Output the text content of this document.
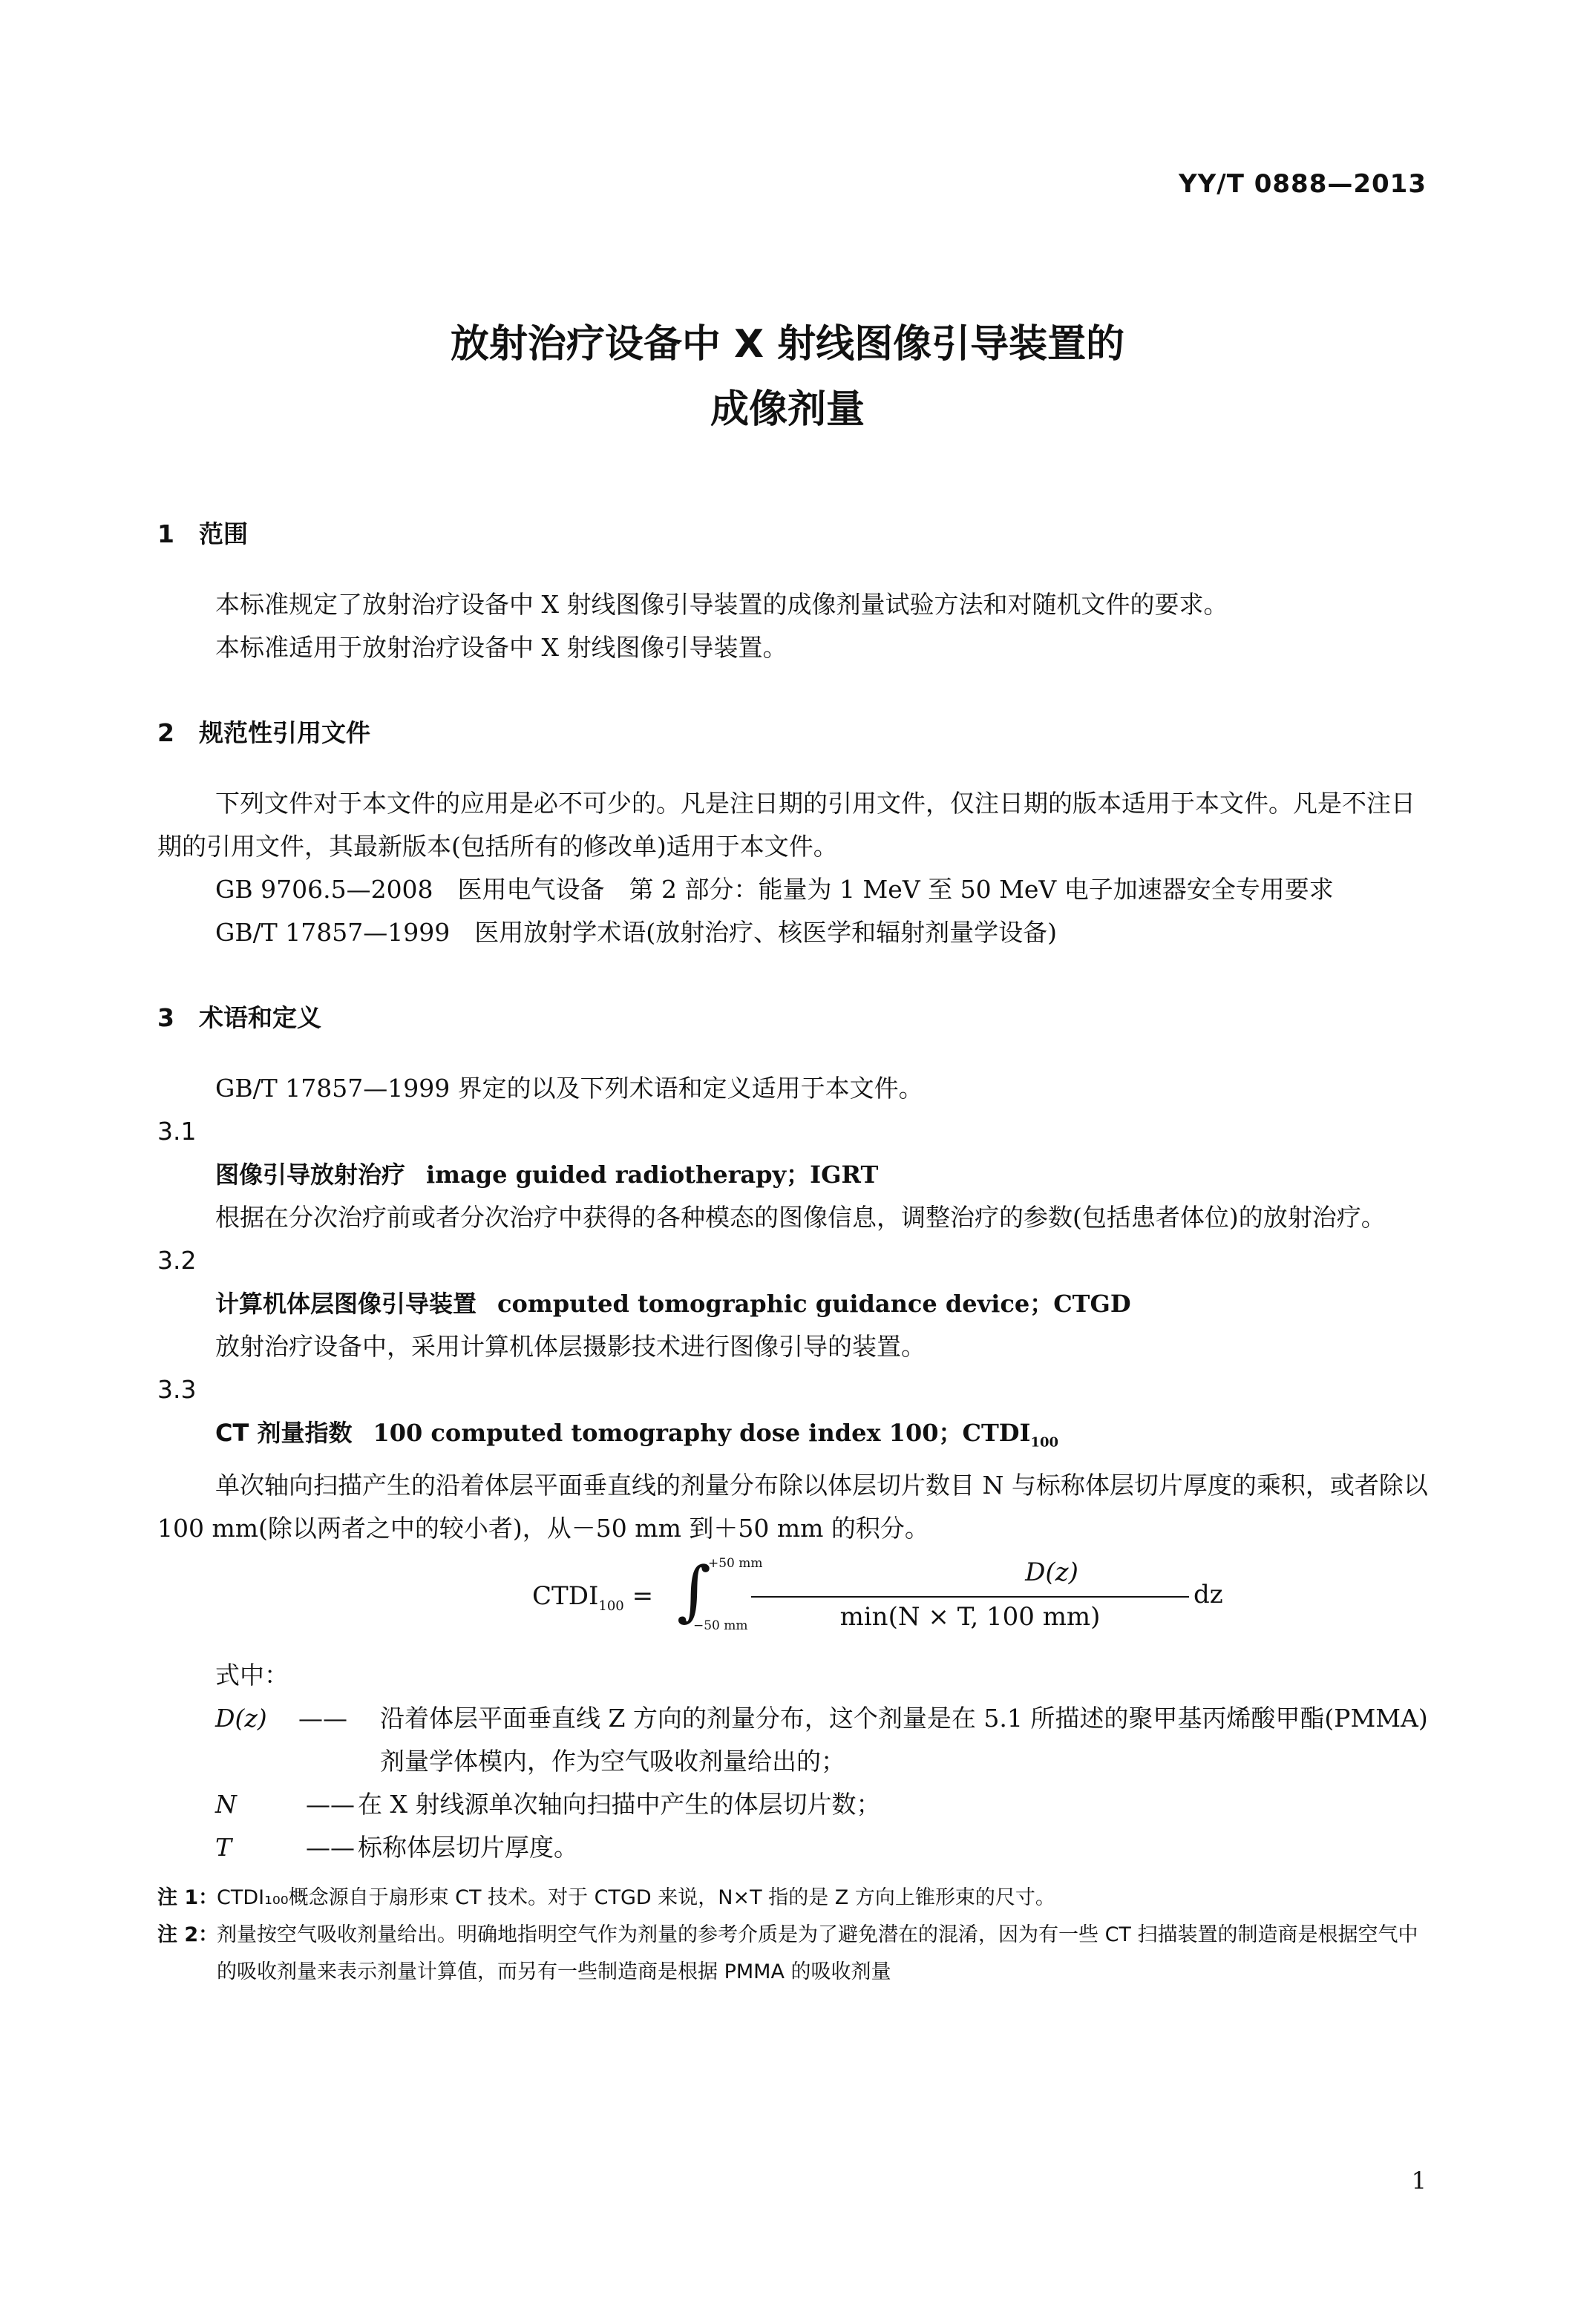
YY/T 0888—2013
放射治疗设备中 X 射线图像引导装置的
成像剂量
1 范围
本标准规定了放射治疗设备中 X 射线图像引导装置的成像剂量试验方法和对随机文件的要求。
本标准适用于放射治疗设备中 X 射线图像引导装置。
2 规范性引用文件
下列文件对于本文件的应用是必不可少的。凡是注日期的引用文件，仅注日期的版本适用于本文件。凡是不注日期的引用文件，其最新版本(包括所有的修改单)适用于本文件。
GB 9706.5—2008　医用电气设备　第 2 部分：能量为 1 MeV 至 50 MeV 电子加速器安全专用要求
GB/T 17857—1999　医用放射学术语(放射治疗、核医学和辐射剂量学设备)
3 术语和定义
GB/T 17857—1999 界定的以及下列术语和定义适用于本文件。
3.1
图像引导放射治疗 image guided radiotherapy；IGRT
根据在分次治疗前或者分次治疗中获得的各种模态的图像信息，调整治疗的参数(包括患者体位)的放射治疗。
3.2
计算机体层图像引导装置 computed tomographic guidance device；CTGD
放射治疗设备中，采用计算机体层摄影技术进行图像引导的装置。
3.3
CT 剂量指数 100 computed tomography dose index 100；$CTDI_{100}$
单次轴向扫描产生的沿着体层平面垂直线的剂量分布除以体层切片数目 N 与标称体层切片厚度的乘积，或者除以 100 mm(除以两者之中的较小者)，从－50 mm 到＋50 mm 的积分。
$CTDI_{100}$ = ∫
+50 mm
−50 mm
D(z)
min(N × T, 100 mm)
dz
式中：
D(z) —— 沿着体层平面垂直线 Z 方向的剂量分布，这个剂量是在 5.1 所描述的聚甲基丙烯酸甲酯(PMMA)剂量学体模内，作为空气吸收剂量给出的；
N	—— 在 X 射线源单次轴向扫描中产生的体层切片数；
T	—— 标称体层切片厚度。
注 1：
CTDI₁₀₀概念源自于扇形束 CT 技术。对于 CTGD 来说，N×T 指的是 Z 方向上锥形束的尺寸。
注 2：
剂量按空气吸收剂量给出。明确地指明空气作为剂量的参考介质是为了避免潜在的混淆，因为有一些 CT 扫描装置的制造商是根据空气中的吸收剂量来表示剂量计算值，而另有一些制造商是根据 PMMA 的吸收剂量
1
